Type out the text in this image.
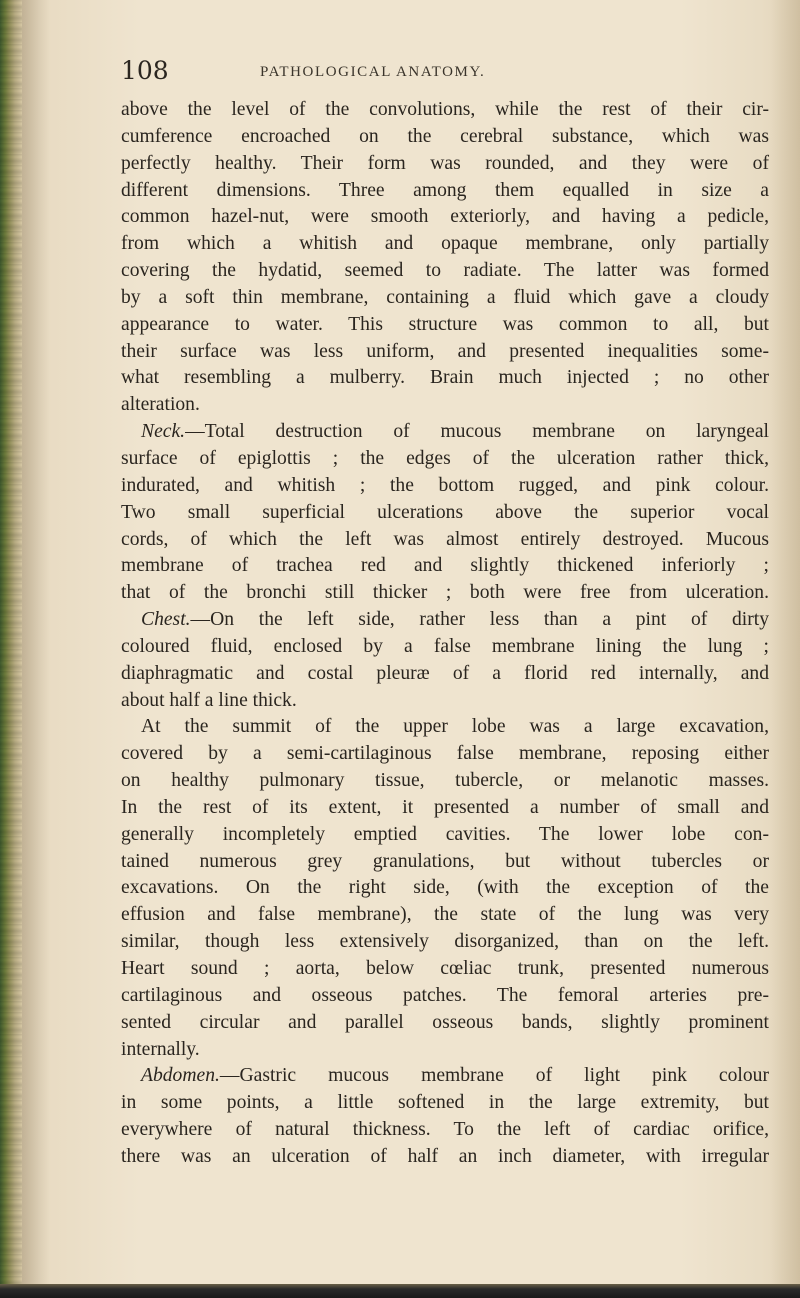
108	PATHOLOGICAL ANATOMY.
above the level of the convolutions, while the rest of their cir-
cumference encroached on the cerebral substance, which was
perfectly healthy. Their form was rounded, and they were of
different dimensions. Three among them equalled in size a
common hazel-nut, were smooth exteriorly, and having a pedicle,
from which a whitish and opaque membrane, only partially
covering the hydatid, seemed to radiate. The latter was formed
by a soft thin membrane, containing a fluid which gave a cloudy
appearance to water. This structure was common to all, but
their surface was less uniform, and presented inequalities some-
what resembling a mulberry. Brain much injected ; no other
alteration.
Neck.—Total destruction of mucous membrane on laryngeal
surface of epiglottis ; the edges of the ulceration rather thick,
indurated, and whitish ; the bottom rugged, and pink colour.
Two small superficial ulcerations above the superior vocal
cords, of which the left was almost entirely destroyed. Mucous
membrane of trachea red and slightly thickened inferiorly ;
that of the bronchi still thicker ; both were free from ulceration.
Chest.—On the left side, rather less than a pint of dirty
coloured fluid, enclosed by a false membrane lining the lung ;
diaphragmatic and costal pleuræ of a florid red internally, and
about half a line thick.
At the summit of the upper lobe was a large excavation,
covered by a semi-cartilaginous false membrane, reposing either
on healthy pulmonary tissue, tubercle, or melanotic masses.
In the rest of its extent, it presented a number of small and
generally incompletely emptied cavities. The lower lobe con-
tained numerous grey granulations, but without tubercles or
excavations. On the right side, (with the exception of the
effusion and false membrane), the state of the lung was very
similar, though less extensively disorganized, than on the left.
Heart sound ; aorta, below cœliac trunk, presented numerous
cartilaginous and osseous patches. The femoral arteries pre-
sented circular and parallel osseous bands, slightly prominent
internally.
Abdomen.—Gastric mucous membrane of light pink colour
in some points, a little softened in the large extremity, but
everywhere of natural thickness. To the left of cardiac orifice,
there was an ulceration of half an inch diameter, with irregular
